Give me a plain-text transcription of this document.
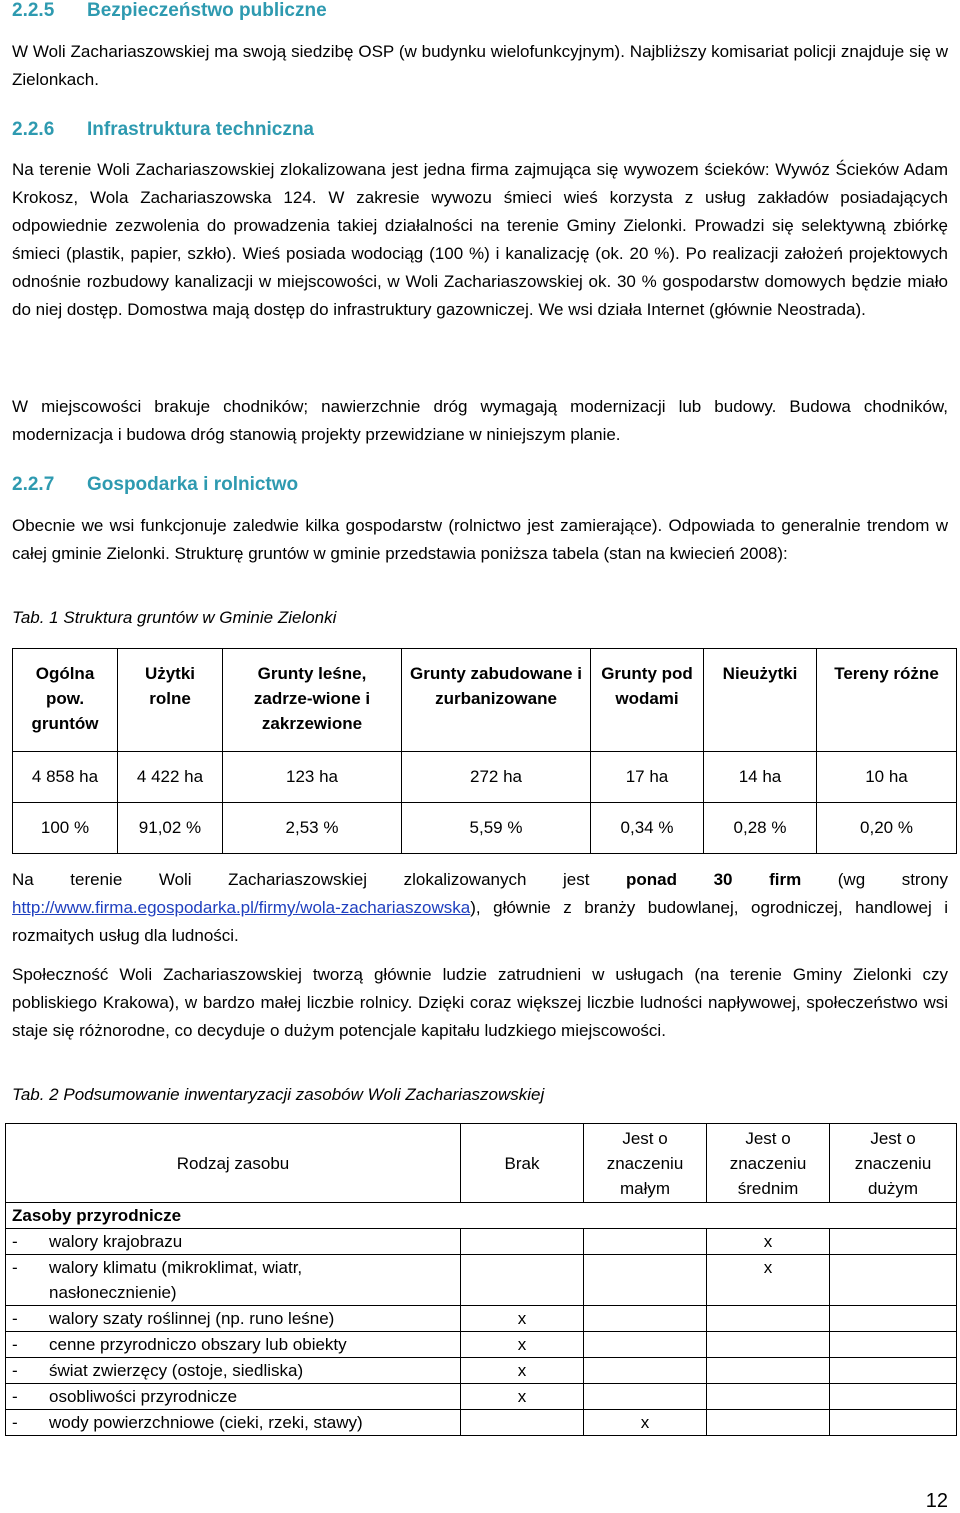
2.2.5 Bezpieczeństwo publiczne
W Woli Zachariaszowskiej ma swoją siedzibę OSP (w budynku wielofunkcyjnym). Najbliższy komisariat policji znajduje się w Zielonkach.
2.2.6 Infrastruktura techniczna
Na terenie Woli Zachariaszowskiej zlokalizowana jest jedna firma zajmująca się wywozem ścieków: Wywóz Ścieków Adam Krokosz, Wola Zachariaszowska 124. W zakresie wywozu śmieci wieś korzysta z usług zakładów posiadających odpowiednie zezwolenia do prowadzenia takiej działalności na terenie Gminy Zielonki. Prowadzi się selektywną zbiórkę śmieci (plastik, papier, szkło). Wieś posiada wodociąg (100 %) i kanalizację (ok. 20 %). Po realizacji założeń projektowych odnośnie rozbudowy kanalizacji w miejscowości, w Woli Zachariaszowskiej ok. 30 % gospodarstw domowych będzie miało do niej dostęp. Domostwa mają dostęp do infrastruktury gazowniczej. We wsi działa Internet (głównie Neostrada).
W miejscowości brakuje chodników; nawierzchnie dróg wymagają modernizacji lub budowy. Budowa chodników, modernizacja i budowa dróg stanowią projekty przewidziane w niniejszym planie.
2.2.7 Gospodarka i rolnictwo
Obecnie we wsi funkcjonuje zaledwie kilka gospodarstw (rolnictwo jest zamierające). Odpowiada to generalnie trendom w całej gminie Zielonki. Strukturę gruntów w gminie przedstawia poniższa tabela (stan na kwiecień 2008):
Tab. 1 Struktura gruntów w Gminie Zielonki
Ogólna pow. gruntów	Użytki rolne	Grunty leśne, zadrze-wione i zakrzewione	Grunty zabudowane i zurbanizowane	Grunty pod wodami	Nieużytki	Tereny różne
4 858 ha	4 422 ha	123 ha	272 ha	17 ha	14 ha	10 ha
100 %	91,02 %	2,53 %	5,59 %	0,34 %	0,28 %	0,20 %
Na terenie Woli Zachariaszowskiej zlokalizowanych jest ponad 30 firm (wg strony http://www.firma.egospodarka.pl/firmy/wola-zachariaszowska), głównie z branży budowlanej, ogrodniczej, handlowej i rozmaitych usług dla ludności.
Społeczność Woli Zachariaszowskiej tworzą głównie ludzie zatrudnieni w usługach (na terenie Gminy Zielonki czy pobliskiego Krakowa), w bardzo małej liczbie rolnicy. Dzięki coraz większej liczbie ludności napływowej, społeczeństwo wsi staje się różnorodne, co decyduje o dużym potencjale kapitału ludzkiego miejscowości.
Tab. 2 Podsumowanie inwentaryzacji zasobów Woli Zachariaszowskiej
Rodzaj zasobu	Brak	Jest o znaczeniu małym	Jest o znaczeniu średnim	Jest o znaczeniu dużym
Zasoby przyrodnicze				
- walory krajobrazu			x	
- walory klimatu (mikroklimat, wiatr,
nasłonecznienie)			x	
- walory szaty roślinnej (np. runo leśne)	x			
- cenne przyrodniczo obszary lub obiekty	x			
- świat zwierzęcy (ostoje, siedliska)	x			
- osobliwości przyrodnicze	x			
- wody powierzchniowe (cieki, rzeki, stawy)		x		
12
